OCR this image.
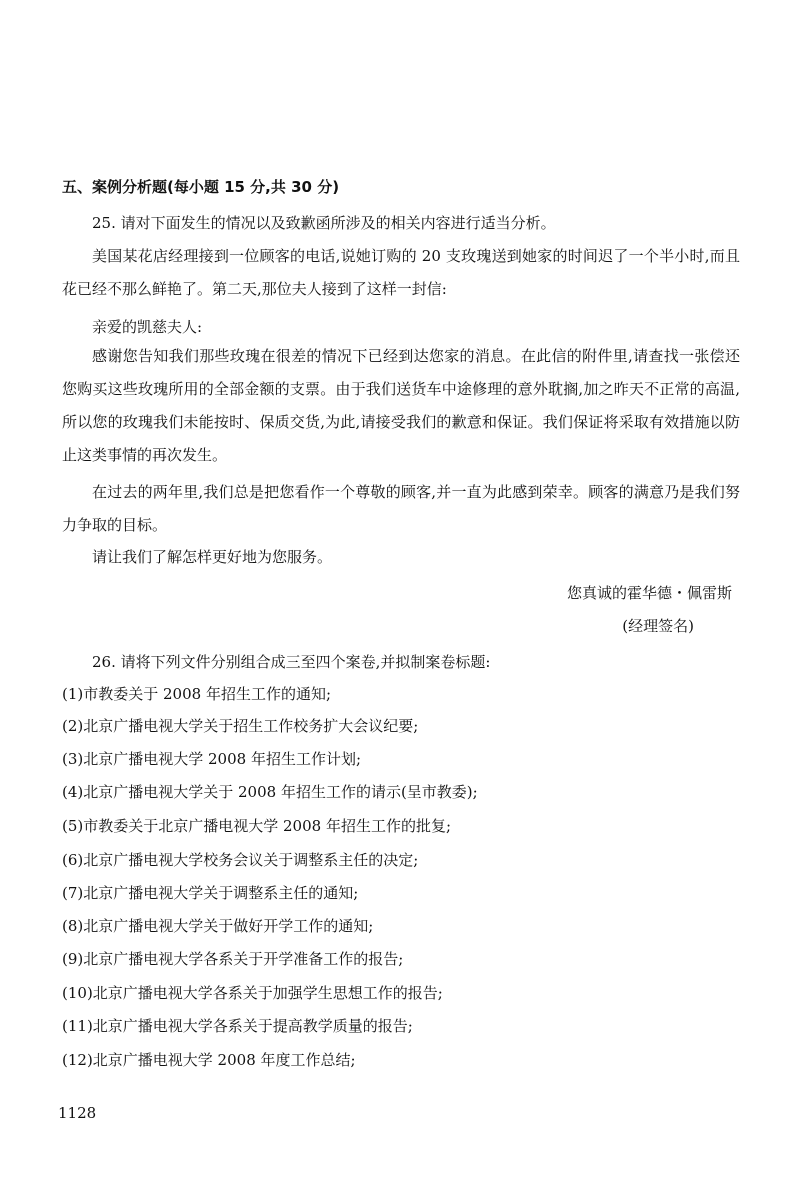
五、案例分析题(每小题 15 分,共 30 分)
25. 请对下面发生的情况以及致歉函所涉及的相关内容进行适当分析。
美国某花店经理接到一位顾客的电话,说她订购的 20 支玫瑰送到她家的时间迟了一个半小时,而且花已经不那么鲜艳了。第二天,那位夫人接到了这样一封信:
亲爱的凯慈夫人:
感谢您告知我们那些玫瑰在很差的情况下已经到达您家的消息。在此信的附件里,请查找一张偿还您购买这些玫瑰所用的全部金额的支票。由于我们送货车中途修理的意外耽搁,加之昨天不正常的高温,所以您的玫瑰我们未能按时、保质交货,为此,请接受我们的歉意和保证。我们保证将采取有效措施以防止这类事情的再次发生。
在过去的两年里,我们总是把您看作一个尊敬的顾客,并一直为此感到荣幸。顾客的满意乃是我们努力争取的目标。
请让我们了解怎样更好地为您服务。
您真诚的霍华德・佩雷斯
(经理签名)
26. 请将下列文件分别组合成三至四个案卷,并拟制案卷标题:
(1)市教委关于 2008 年招生工作的通知;
(2)北京广播电视大学关于招生工作校务扩大会议纪要;
(3)北京广播电视大学 2008 年招生工作计划;
(4)北京广播电视大学关于 2008 年招生工作的请示(呈市教委);
(5)市教委关于北京广播电视大学 2008 年招生工作的批复;
(6)北京广播电视大学校务会议关于调整系主任的决定;
(7)北京广播电视大学关于调整系主任的通知;
(8)北京广播电视大学关于做好开学工作的通知;
(9)北京广播电视大学各系关于开学准备工作的报告;
(10)北京广播电视大学各系关于加强学生思想工作的报告;
(11)北京广播电视大学各系关于提高教学质量的报告;
(12)北京广播电视大学 2008 年度工作总结;
1128
